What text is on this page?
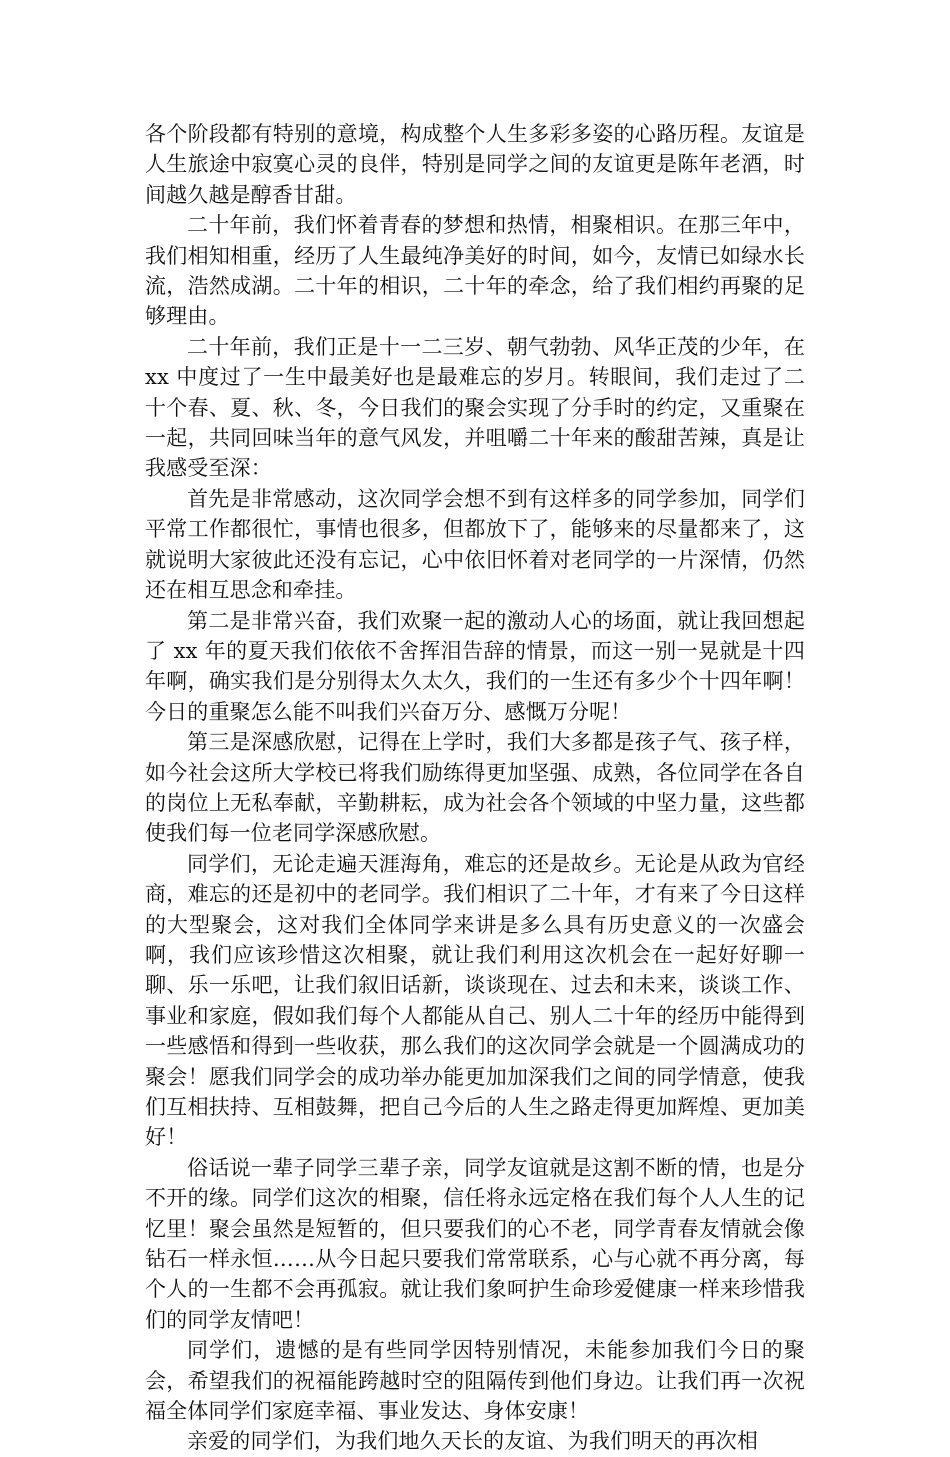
各个阶段都有特别的意境，构成整个人生多彩多姿的心路历程。友谊是人生旅途中寂寞心灵的良伴，特别是同学之间的友谊更是陈年老酒，时间越久越是醇香甘甜。

二十年前，我们怀着青春的梦想和热情，相聚相识。在那三年中，我们相知相重，经历了人生最纯净美好的时间，如今，友情已如绿水长流，浩然成湖。二十年的相识，二十年的牵念，给了我们相约再聚的足够理由。

二十年前，我们正是十一二三岁、朝气勃勃、风华正茂的少年，在 xx 中度过了一生中最美好也是最难忘的岁月。转眼间，我们走过了二十个春、夏、秋、冬，今日我们的聚会实现了分手时的约定，又重聚在一起，共同回味当年的意气风发，并咀嚼二十年来的酸甜苦辣，真是让我感受至深：

首先是非常感动，这次同学会想不到有这样多的同学参加，同学们平常工作都很忙，事情也很多，但都放下了，能够来的尽量都来了，这就说明大家彼此还没有忘记，心中依旧怀着对老同学的一片深情，仍然还在相互思念和牵挂。

第二是非常兴奋，我们欢聚一起的激动人心的场面，就让我回想起了 xx 年的夏天我们依依不舍挥泪告辞的情景，而这一别一晃就是十四年啊，确实我们是分别得太久太久，我们的一生还有多少个十四年啊！今日的重聚怎么能不叫我们兴奋万分、感慨万分呢！

第三是深感欣慰，记得在上学时，我们大多都是孩子气、孩子样，如今社会这所大学校已将我们励练得更加坚强、成熟，各位同学在各自的岗位上无私奉献，辛勤耕耘，成为社会各个领域的中坚力量，这些都使我们每一位老同学深感欣慰。

同学们，无论走遍天涯海角，难忘的还是故乡。无论是从政为官经商，难忘的还是初中的老同学。我们相识了二十年，才有来了今日这样的大型聚会，这对我们全体同学来讲是多么具有历史意义的一次盛会啊，我们应该珍惜这次相聚，就让我们利用这次机会在一起好好聊一聊、乐一乐吧，让我们叙旧话新，谈谈现在、过去和未来，谈谈工作、事业和家庭，假如我们每个人都能从自己、别人二十年的经历中能得到一些感悟和得到一些收获，那么我们的这次同学会就是一个圆满成功的聚会！愿我们同学会的成功举办能更加加深我们之间的同学情意，使我们互相扶持、互相鼓舞，把自己今后的人生之路走得更加辉煌、更加美好！

俗话说一辈子同学三辈子亲，同学友谊就是这割不断的情，也是分不开的缘。同学们这次的相聚，信任将永远定格在我们每个人人生的记忆里！聚会虽然是短暂的，但只要我们的心不老，同学青春友情就会像钻石一样永恒……从今日起只要我们常常联系，心与心就不再分离，每个人的一生都不会再孤寂。就让我们象呵护生命珍爱健康一样来珍惜我们的同学友情吧！

同学们，遗憾的是有些同学因特别情况，未能参加我们今日的聚会，希望我们的祝福能跨越时空的阻隔传到他们身边。让我们再一次祝福全体同学们家庭幸福、事业发达、身体安康！

亲爱的同学们，为我们地久天长的友谊、为我们明天的再次相
